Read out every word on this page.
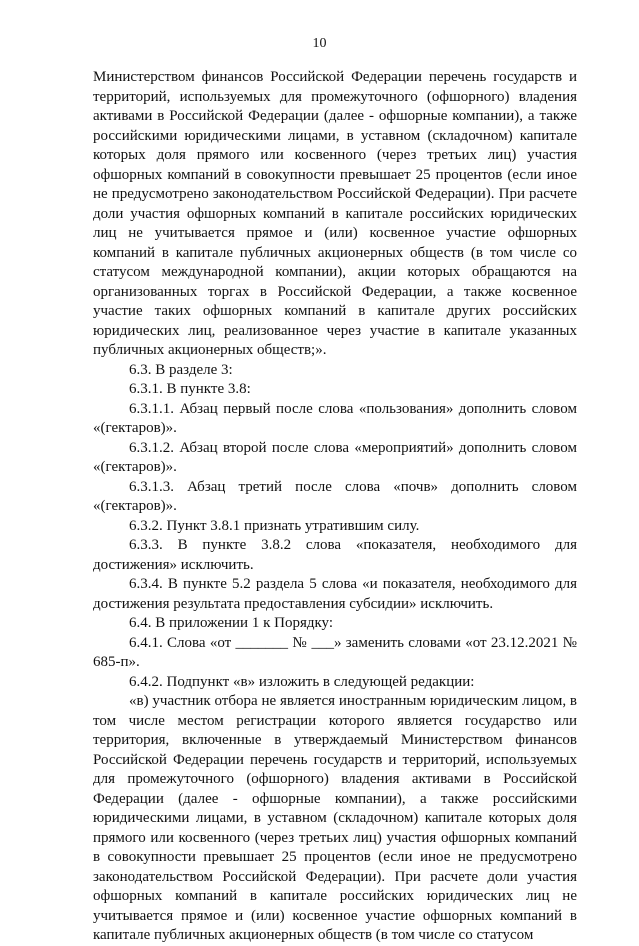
10

Министерством финансов Российской Федерации перечень государств и территорий, используемых для промежуточного (офшорного) владения активами в Российской Федерации (далее - офшорные компании), а также российскими юридическими лицами, в уставном (складочном) капитале которых доля прямого или косвенного (через третьих лиц) участия офшорных компаний в совокупности превышает 25 процентов (если иное не предусмотрено законодательством Российской Федерации). При расчете доли участия офшорных компаний в капитале российских юридических лиц не учитывается прямое и (или) косвенное участие офшорных компаний в капитале публичных акционерных обществ (в том числе со статусом международной компании), акции которых обращаются на организованных торгах в Российской Федерации, а также косвенное участие таких офшорных компаний в капитале других российских юридических лиц, реализованное через участие в капитале указанных публичных акционерных обществ;».

6.3. В разделе 3:

6.3.1. В пункте 3.8:

6.3.1.1. Абзац первый после слова «пользования» дополнить словом «(гектаров)».

6.3.1.2. Абзац второй после слова «мероприятий» дополнить словом «(гектаров)».

6.3.1.3. Абзац третий после слова «почв» дополнить словом «(гектаров)».

6.3.2. Пункт 3.8.1 признать утратившим силу.

6.3.3. В пункте 3.8.2 слова «показателя, необходимого для достижения» исключить.

6.3.4. В пункте 5.2 раздела 5 слова «и показателя, необходимого для достижения результата предоставления субсидии» исключить.

6.4. В приложении 1 к Порядку:

6.4.1. Слова «от _______ № ___» заменить словами «от 23.12.2021 № 685-п».

6.4.2. Подпункт «в» изложить в следующей редакции:

«в) участник отбора не является иностранным юридическим лицом, в том числе местом регистрации которого является государство или территория, включенные в утверждаемый Министерством финансов Российской Федерации перечень государств и территорий, используемых для промежуточного (офшорного) владения активами в Российской Федерации (далее - офшорные компании), а также российскими юридическими лицами, в уставном (складочном) капитале которых доля прямого или косвенного (через третьих лиц) участия офшорных компаний в совокупности превышает 25 процентов (если иное не предусмотрено законодательством Российской Федерации). При расчете доли участия офшорных компаний в капитале российских юридических лиц не учитывается прямое и (или) косвенное участие офшорных компаний в капитале публичных акционерных обществ (в том числе со статусом
